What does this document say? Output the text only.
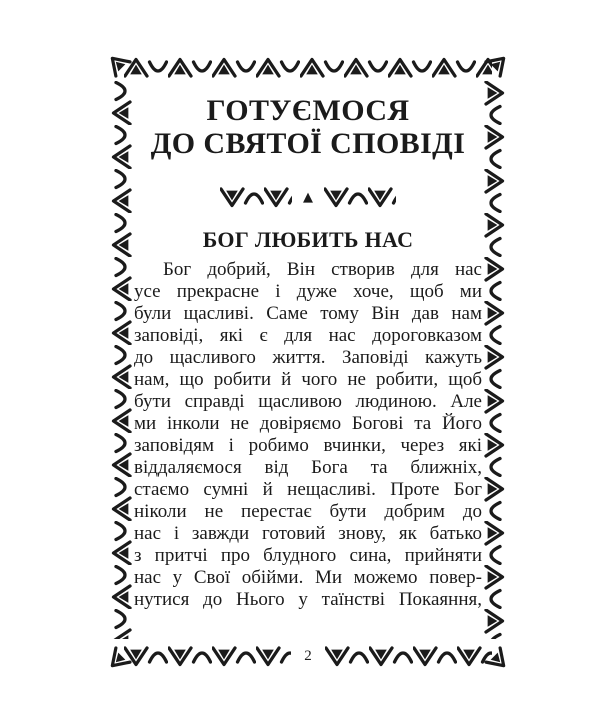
ГОТУЄМОСЯ
ДО СВЯТОЇ СПОВІДІ
▲
БОГ ЛЮБИТЬ НАС
Бог добрий, Він створив для нас
усе прекрасне і дуже хоче, щоб ми
були щасливі. Саме тому Він дав нам
заповіді, які є для нас дороговказом
до щасливого життя. Заповіді кажуть
нам, що робити й чого не робити, щоб
бути справді щасливою людиною. Але
ми інколи не довіряємо Богові та Його
заповідям і робимо вчинки, через які
віддаляємося від Бога та ближніх,
стаємо сумні й нещасливі. Проте Бог
ніколи не перестає бути добрим до
нас і завжди готовий знову, як батько
з притчі про блудного сина, прийняти
нас у Свої обійми. Ми можемо повер-
нутися до Нього у таїнстві Покаяння,
2
